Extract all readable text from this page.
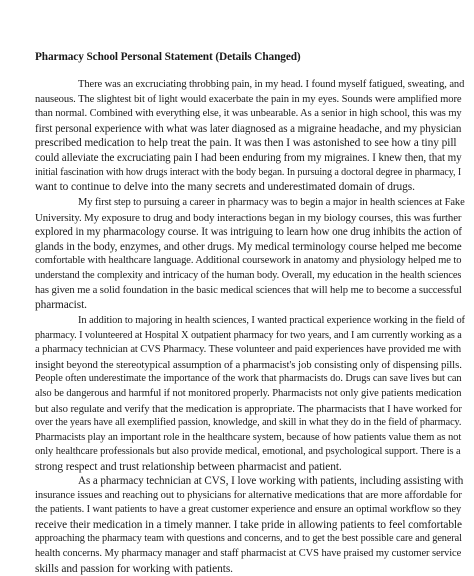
Pharmacy School Personal Statement (Details Changed)
There was an excruciating throbbing pain, in my head. I found myself fatigued, sweating, and
nauseous. The slightest bit of light would exacerbate the pain in my eyes. Sounds were amplified more
than normal. Combined with everything else, it was unbearable. As a senior in high school, this was my
first personal experience with what was later diagnosed as a migraine headache, and my physician
prescribed medication to help treat the pain. It was then I was astonished to see how a tiny pill
could alleviate the excruciating pain I had been enduring from my migraines. I knew then, that my
initial fascination with how drugs interact with the body began. In pursuing a doctoral degree in pharmacy, I
want to continue to delve into the many secrets and underestimated domain of drugs.
My first step to pursuing a career in pharmacy was to begin a major in health sciences at Fake
University. My exposure to drug and body interactions began in my biology courses, this was further
explored in my pharmacology course. It was intriguing to learn how one drug inhibits the action of
glands in the body, enzymes, and other drugs. My medical terminology course helped me become
comfortable with healthcare language. Additional coursework in anatomy and physiology helped me to
understand the complexity and intricacy of the human body. Overall, my education in the health sciences
has given me a solid foundation in the basic medical sciences that will help me to become a successful
pharmacist.
In addition to majoring in health sciences, I wanted practical experience working in the field of
pharmacy. I volunteered at Hospital X outpatient pharmacy for two years, and I am currently working as a
a pharmacy technician at CVS Pharmacy. These volunteer and paid experiences have provided me with
insight beyond the stereotypical assumption of a pharmacist's job consisting only of dispensing pills.
People often underestimate the importance of the work that pharmacists do. Drugs can save lives but can
also be dangerous and harmful if not monitored properly. Pharmacists not only give patients medication
but also regulate and verify that the medication is appropriate. The pharmacists that I have worked for
over the years have all exemplified passion, knowledge, and skill in what they do in the field of pharmacy.
Pharmacists play an important role in the healthcare system, because of how patients value them as not
only healthcare professionals but also provide medical, emotional, and psychological support. There is a
strong respect and trust relationship between pharmacist and patient.
As a pharmacy technician at CVS, I love working with patients, including assisting with
insurance issues and reaching out to physicians for alternative medications that are more affordable for
the patients. I want patients to have a great customer experience and ensure an optimal workflow so they
receive their medication in a timely manner. I take pride in allowing patients to feel comfortable
approaching the pharmacy team with questions and concerns, and to get the best possible care and general
health concerns. My pharmacy manager and staff pharmacist at CVS have praised my customer service
skills and passion for working with patients.
